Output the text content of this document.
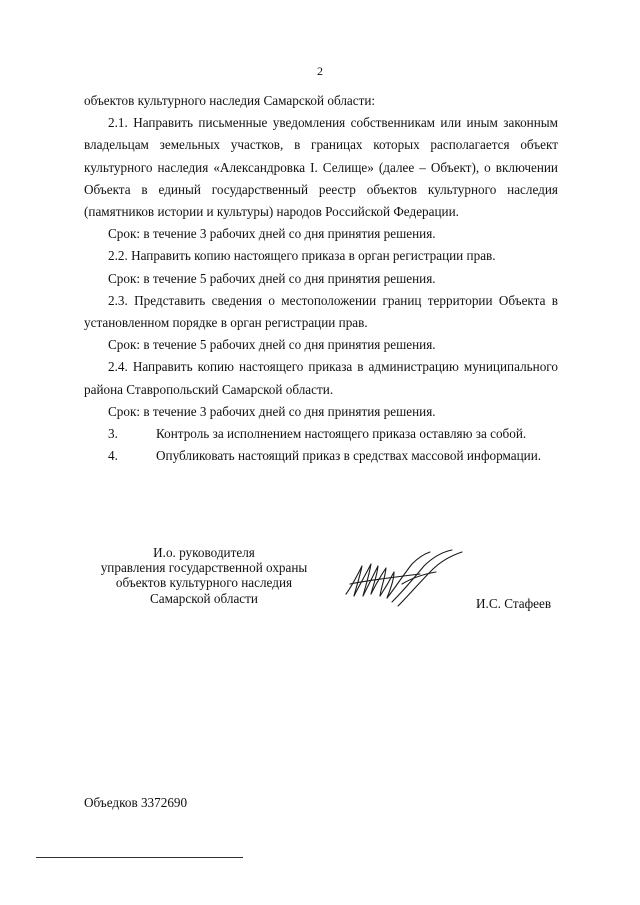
2

объектов культурного наследия Самарской области:

2.1. Направить письменные уведомления собственникам или иным законным владельцам земельных участков, в границах которых располагается объект культурного наследия «Александровка I. Селище» (далее – Объект), о включении Объекта в единый государственный реестр объектов культурного наследия (памятников истории и культуры) народов Российской Федерации.

Срок: в течение 3 рабочих дней со дня принятия решения.

2.2. Направить копию настоящего приказа в орган регистрации прав.

Срок: в течение 5 рабочих дней со дня принятия решения.

2.3. Представить сведения о местоположении границ территории Объекта в установленном порядке в орган регистрации прав.

Срок: в течение 5 рабочих дней со дня принятия решения.

2.4. Направить копию настоящего приказа в администрацию муниципального района Ставропольский Самарской области.

Срок: в течение 3 рабочих дней со дня принятия решения.

3.	Контроль за исполнением настоящего приказа оставляю за собой.

4.	Опубликовать настоящий приказ в средствах массовой информации.

И.о. руководителя
управления государственной охраны
объектов культурного наследия
Самарской области	И.С. Стафеев
Объедков 3372690
